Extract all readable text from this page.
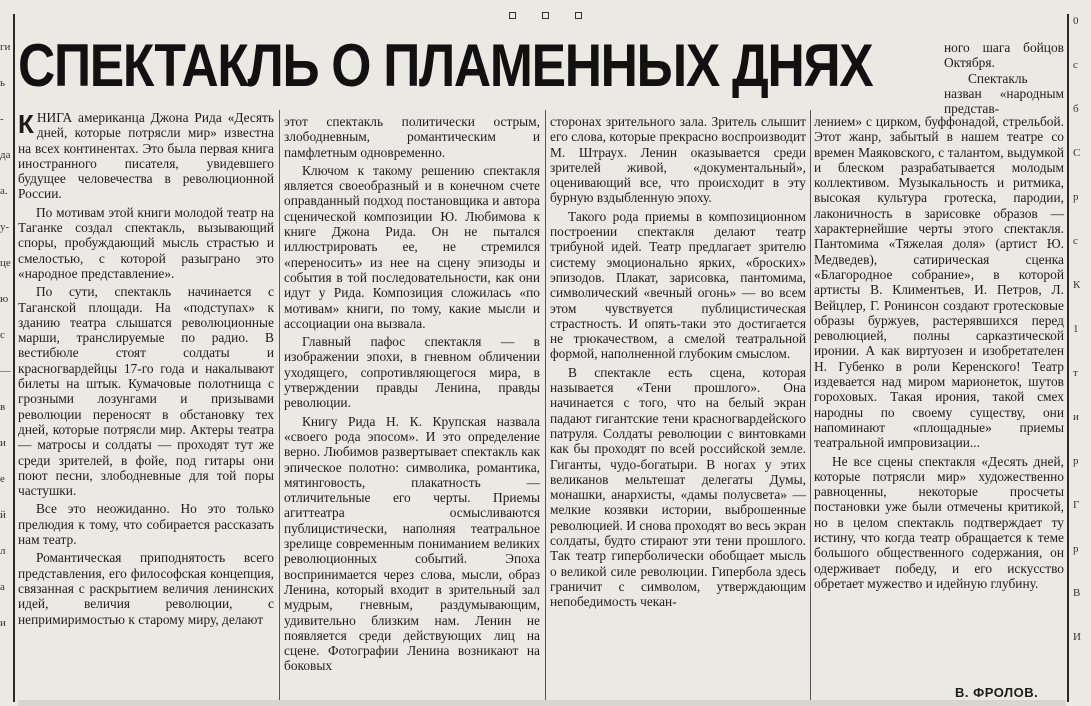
ги
ь
-
да
а.
у-
це
ю
с
—
в
и
е
й
л
а
и
СПЕКТАКЛЬ О ПЛАМЕННЫХ ДНЯХ	ного шага бойцов Октября.

Спектакль назван «народным представ-

КНИГА американца Джона Рида «Десять дней, которые потрясли мир» известна на всех континентах. Это была первая книга иностранного писателя, увидевшего будущее человечества в революционной России.

По мотивам этой книги молодой театр на Таганке создал спектакль, вызывающий споры, пробуждающий мысль страстью и смелостью, с которой разыграно это «народное представление».

По сути, спектакль начинается с Таганской площади. На «подступах» к зданию театра слышатся революционные марши, транслируемые по радио. В вестибюле стоят солдаты и красногвардейцы 17-го года и накалывают билеты на штык. Кумачовые полотнища с грозными лозунгами и призывами революции переносят в обстановку тех дней, которые потрясли мир. Актеры театра — матросы и солдаты — проходят тут же среди зрителей, в фойе, под гитары они поют песни, злободневные для той поры частушки.

Все это неожиданно. Но это только прелюдия к тому, что собирается рассказать нам театр.

Романтическая приподнятость всего представления, его философская концепция, связанная с раскрытием величия ленинских идей, величия революции, с непримиримостью к старому миру, делают

этот спектакль политически острым, злободневным, романтическим и памфлетным одновременно.

Ключом к такому решению спектакля является своеобразный и в конечном счете оправданный подход постановщика и автора сценической композиции Ю. Любимова к книге Джона Рида. Он не пытался иллюстрировать ее, не стремился «переносить» из нее на сцену эпизоды и события в той последовательности, как они идут у Рида. Композиция сложилась «по мотивам» книги, по тому, какие мысли и ассоциации она вызвала.

Главный пафос спектакля — в изображении эпохи, в гневном обличении уходящего, сопротивляющегося мира, в утверждении правды Ленина, правды революции.

Книгу Рида Н. К. Крупская назвала «своего рода эпосом». И это определение верно. Любимов развертывает спектакль как эпическое полотно: символика, романтика, мятинговость, плакатность — отличительные его черты. Приемы агиттеатра осмысливаются публицистически, наполняя театральное зрелище современным пониманием великих революционных событий. Эпоха воспринимается через слова, мысли, образ Ленина, который входит в зрительный зал мудрым, гневным, раздумывающим, удивительно близким нам. Ленин не появляется среди действующих лиц на сцене. Фотографии Ленина возникают на боковых

сторонах зрительного зала. Зритель слышит его слова, которые прекрасно воспроизводит М. Штраух. Ленин оказывается среди зрителей живой, «документальный», оценивающий все, что происходит в эту бурную вздыбленную эпоху.

Такого рода приемы в композиционном построении спектакля делают театр трибуной идей. Театр предлагает зрителю систему эмоционально ярких, «броских» эпизодов. Плакат, зарисовка, пантомима, символический «вечный огонь» — во всем этом чувствуется публицистическая страстность. И опять-таки это достигается не трюкачеством, а смелой театральной формой, наполненной глубоким смыслом.

В спектакле есть сцена, которая называется «Тени прошлого». Она начинается с того, что на белый экран падают гигантские тени красногвардейского патруля. Солдаты революции с винтовками как бы проходят по всей российской земле. Гиганты, чудо-богатыри. В ногах у этих великанов мельтешат делегаты Думы, монашки, анархисты, «дамы полусвета» — мелкие козявки истории, выброшенные революцией. И снова проходят во весь экран солдаты, будто стирают эти тени прошлого. Так театр гиперболически обобщает мысль о великой силе революции. Гипербола здесь граничит с символом, утверждающим непобедимость чекан-

лением» с цирком, буффонадой, стрельбой. Этот жанр, забытый в нашем театре со времен Маяковского, с талантом, выдумкой и блеском разрабатывается молодым коллективом. Музыкальность и ритмика, высокая культура гротеска, пародии, лаконичность в зарисовке образов — характернейшие черты этого спектакля. Пантомима «Тяжелая доля» (артист Ю. Медведев), сатирическая сценка «Благородное собрание», в которой артисты В. Климентьев, И. Петров, Л. Вейцлер, Г. Ронинсон создают гротесковые образы буржуев, растерявшихся перед революцией, полны сарказтической иронии. А как виртуозен и изобретателен Н. Губенко в роли Керенского! Театр издевается над миром марионеток, шутов гороховых. Такая ирония, такой смех народны по своему существу, они напоминают «площадные» приемы театральной импровизации...

Не все сцены спектакля «Десять дней, которые потрясли мир» художественно равноценны, некоторые просчеты постановки уже были отмечены критикой, но в целом спектакль подтверждает ту истину, что когда театр обращается к теме большого общественного содержания, он одерживает победу, и его искусство обретает мужество и идейную глубину.

В. ФРОЛОВ.
0
с
б
С
р
с
К
1
т
и
р
Г
р
В
И
